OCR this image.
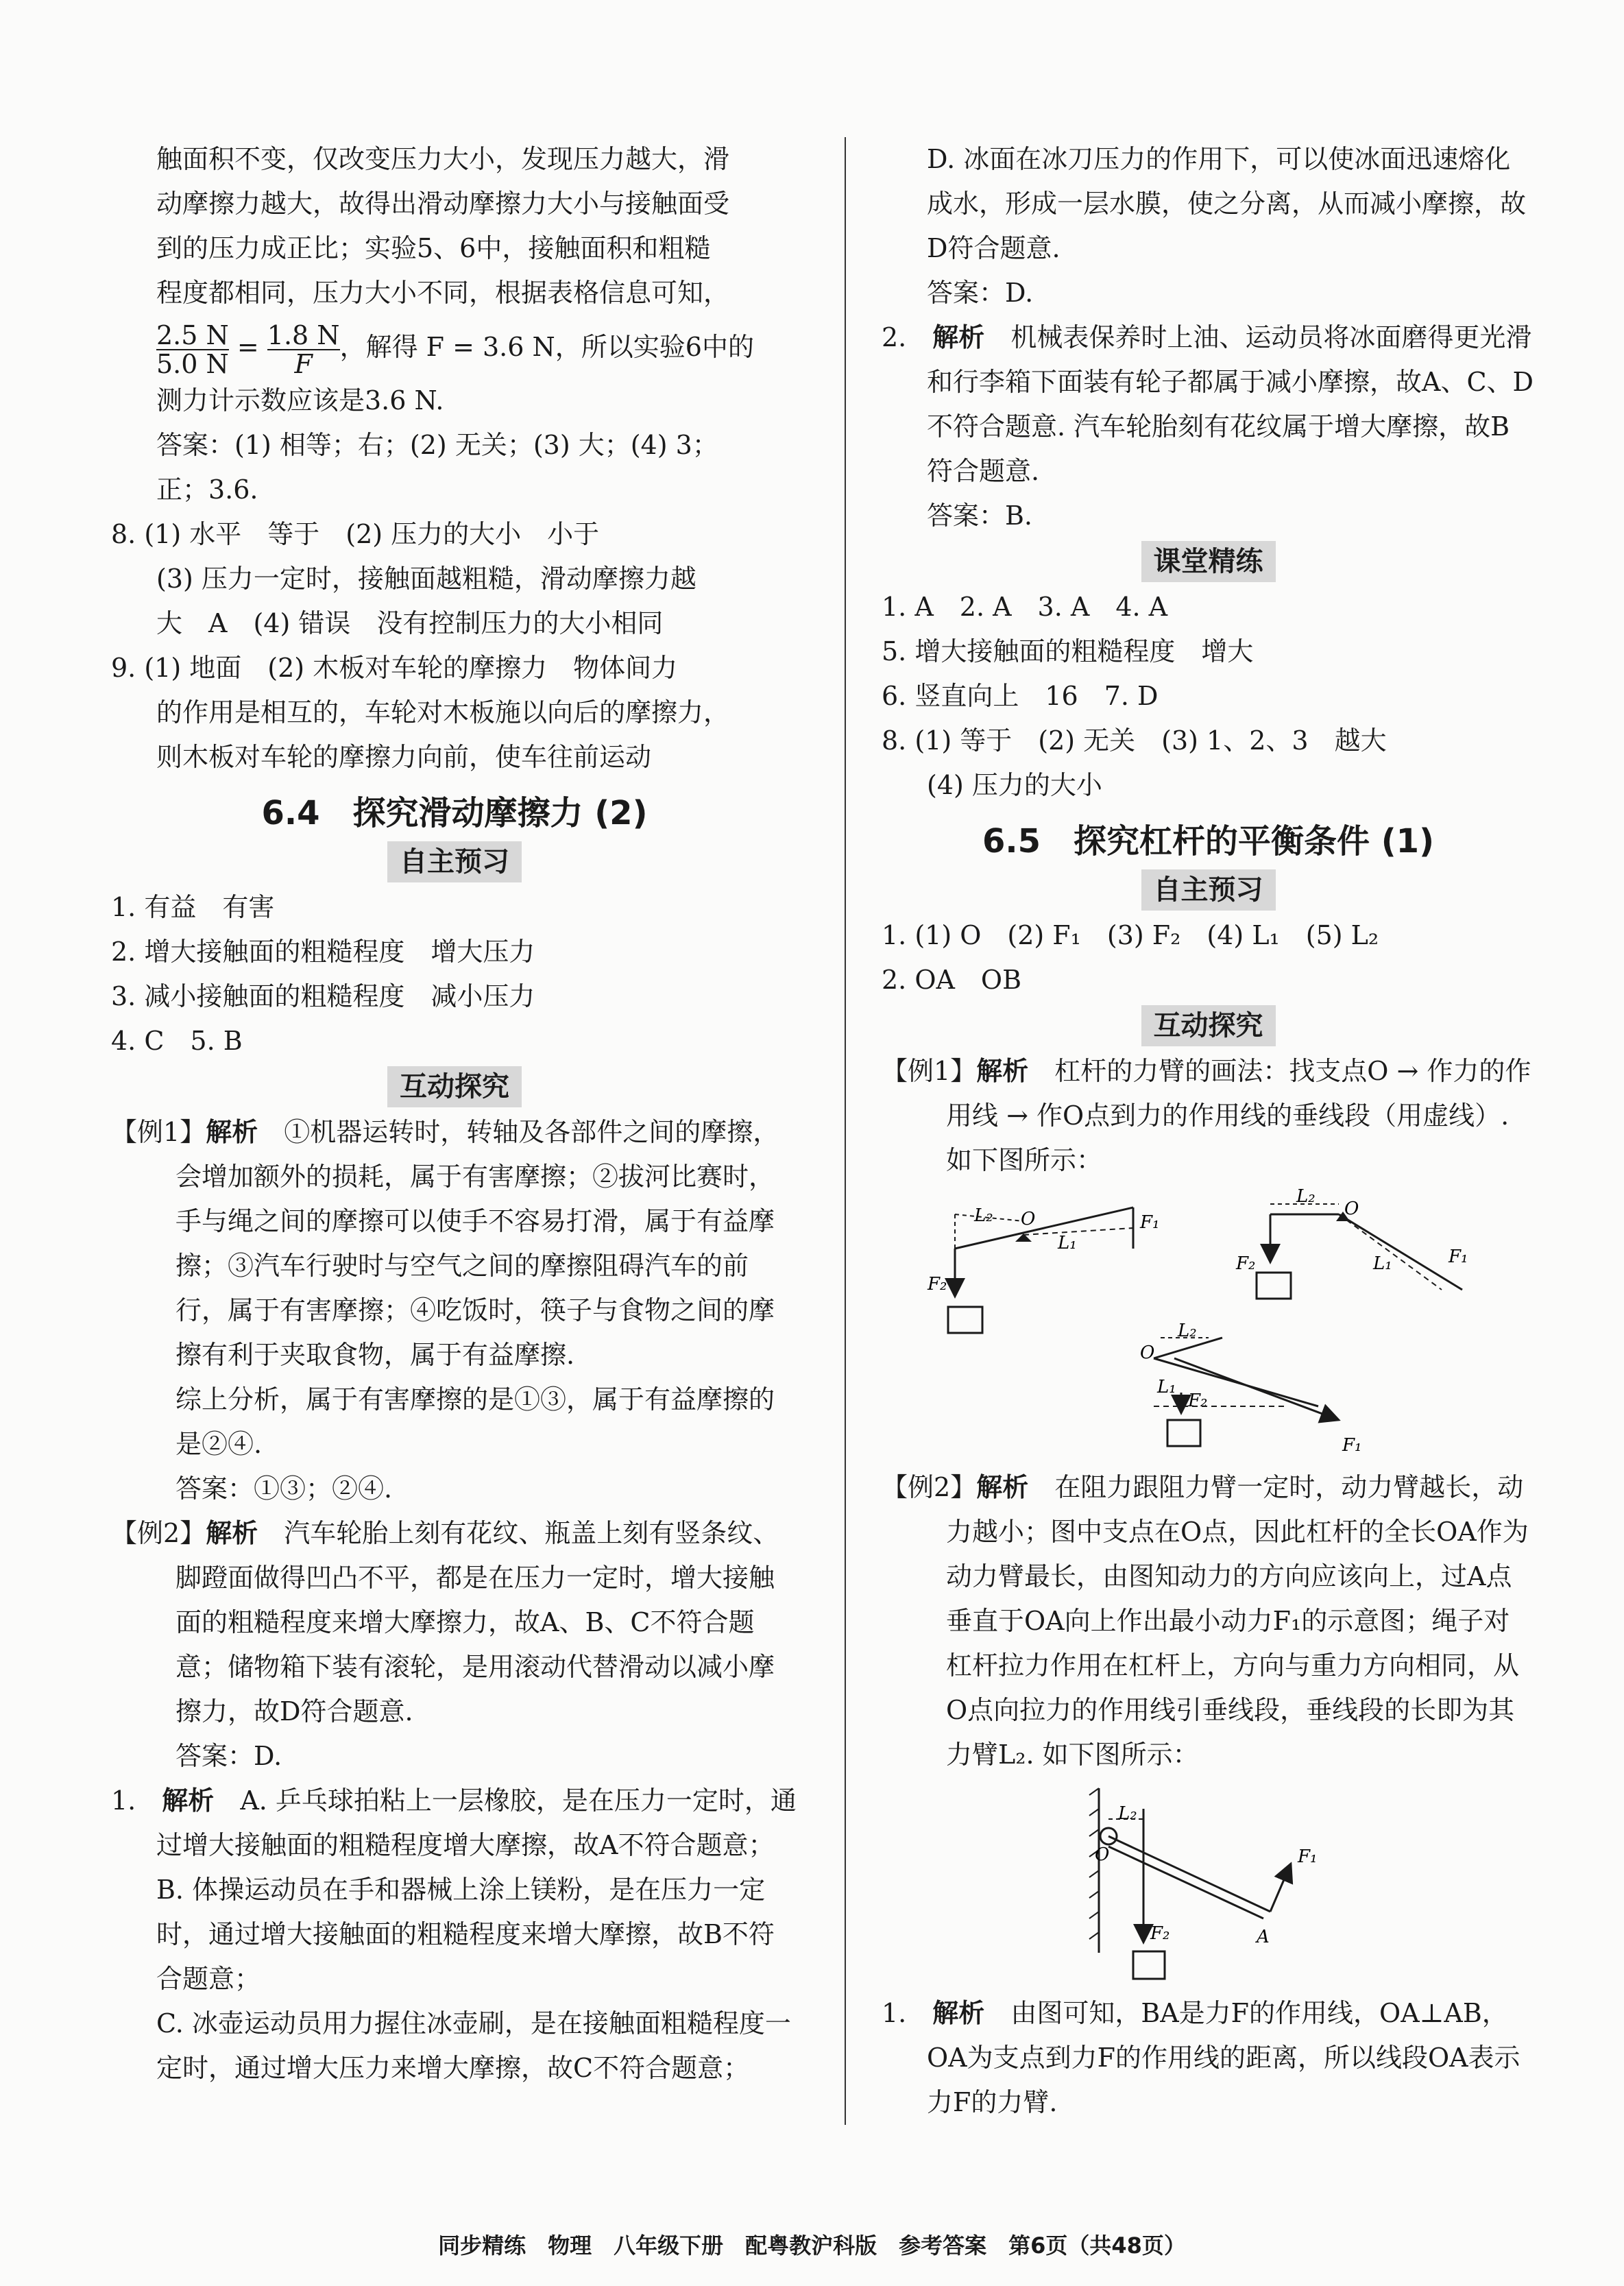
触面积不变，仅改变压力大小，发现压力越大，滑

动摩擦力越大，故得出滑动摩擦力大小与接触面受

到的压力成正比；实验5、6中，接触面积和粗糙

程度都相同，压力大小不同，根据表格信息可知，

$\frac{2.5 N}{5.0 N} = \frac{1.8 N}{F}$ ，解得 F = 3.6 N，所以实验6中的

测力计示数应该是3.6 N.

答案：(1) 相等；右；(2) 无关；(3) 大；(4) 3；

正；3.6.

8. (1) 水平　等于　(2) 压力的大小　小于

(3) 压力一定时，接触面越粗糙，滑动摩擦力越

大　A　(4) 错误　没有控制压力的大小相同

9. (1) 地面　(2) 木板对车轮的摩擦力　物体间力

的作用是相互的，车轮对木板施以向后的摩擦力，

则木板对车轮的摩擦力向前，使车往前运动

6.4　探究滑动摩擦力 (2)
自主预习

1. 有益　有害

2. 增大接触面的粗糙程度　增大压力

3. 减小接触面的粗糙程度　减小压力

4. C　5. B

互动探究

【例1】解析　 ①机器运转时，转轴及各部件之间的摩擦，会增加额外的损耗，属于有害摩擦；②拔河比赛时，手与绳之间的摩擦可以使手不容易打滑，属于有益摩擦；③汽车行驶时与空气之间的摩擦阻碍汽车的前行，属于有害摩擦；④吃饭时，筷子与食物之间的摩擦有利于夹取食物，属于有益摩擦.

综上分析，属于有害摩擦的是①③，属于有益摩擦的是②④.

答案：①③；②④.

【例2】解析　 汽车轮胎上刻有花纹、瓶盖上刻有竖条纹、脚蹬面做得凹凸不平，都是在压力一定时，增大接触面的粗糙程度来增大摩擦力，故A、B、C不符合题意；储物箱下装有滚轮，是用滚动代替滑动以减小摩擦力，故D符合题意.

答案：D.

1.　 解析　 A. 乒乓球拍粘上一层橡胶，是在压力一定时，通过增大接触面的粗糙程度增大摩擦，故A不符合题意；

B. 体操运动员在手和器械上涂上镁粉，是在压力一定时，通过增大接触面的粗糙程度来增大摩擦，故B不符合题意；

C. 冰壶运动员用力握住冰壶刷，是在接触面粗糙程度一定时，通过增大压力来增大摩擦，故C不符合题意；

D. 冰面在冰刀压力的作用下，可以使冰面迅速熔化成水，形成一层水膜，使之分离，从而减小摩擦，故D符合题意.

答案：D.

2.　 解析　 机械表保养时上油、运动员将冰面磨得更光滑和行李箱下面装有轮子都属于减小摩擦，故A、C、D不符合题意. 汽车轮胎刻有花纹属于增大摩擦，故B符合题意.

答案：B.

课堂精练

1. A　2. A　3. A　4. A

5. 增大接触面的粗糙程度　增大

6. 竖直向上　16　7. D

8. (1) 等于　(2) 无关　(3) 1、2、3　越大

(4) 压力的大小

6.5　探究杠杆的平衡条件 (1)
自主预习

1. (1) O　(2) F₁　(3) F₂　(4) L₁　(5) L₂

2. OA　OB

互动探究

【例1】解析　 杠杆的力臂的画法：找支点O → 作力的作用线 → 作O点到力的作用线的垂线段（用虚线）. 如下图所示：

O
L₂
L₁
F₁
F₂
O
L₂
L₁	F₁
F₂
O
L₂
L₁
F₁
F₂

【例2】解析　 在阻力跟阻力臂一定时，动力臂越长，动力越小；图中支点在O点，因此杠杆的全长OA作为动力臂最长，由图知动力的方向应该向上，过A点垂直于OA向上作出最小动力F₁的示意图；绳子对杠杆拉力作用在杠杆上，方向与重力方向相同，从O点向拉力的作用线引垂线段，垂线段的长即为其力臂L₂. 如下图所示：

L₂
O	F₁
F₂	A

1.　 解析　 由图可知，BA是力F的作用线，OA⊥AB，OA为支点到力F的作用线的距离，所以线段OA表示力F的力臂.

同步精练　物理　八年级下册　配粤教沪科版　参考答案　第6页（共48页）
